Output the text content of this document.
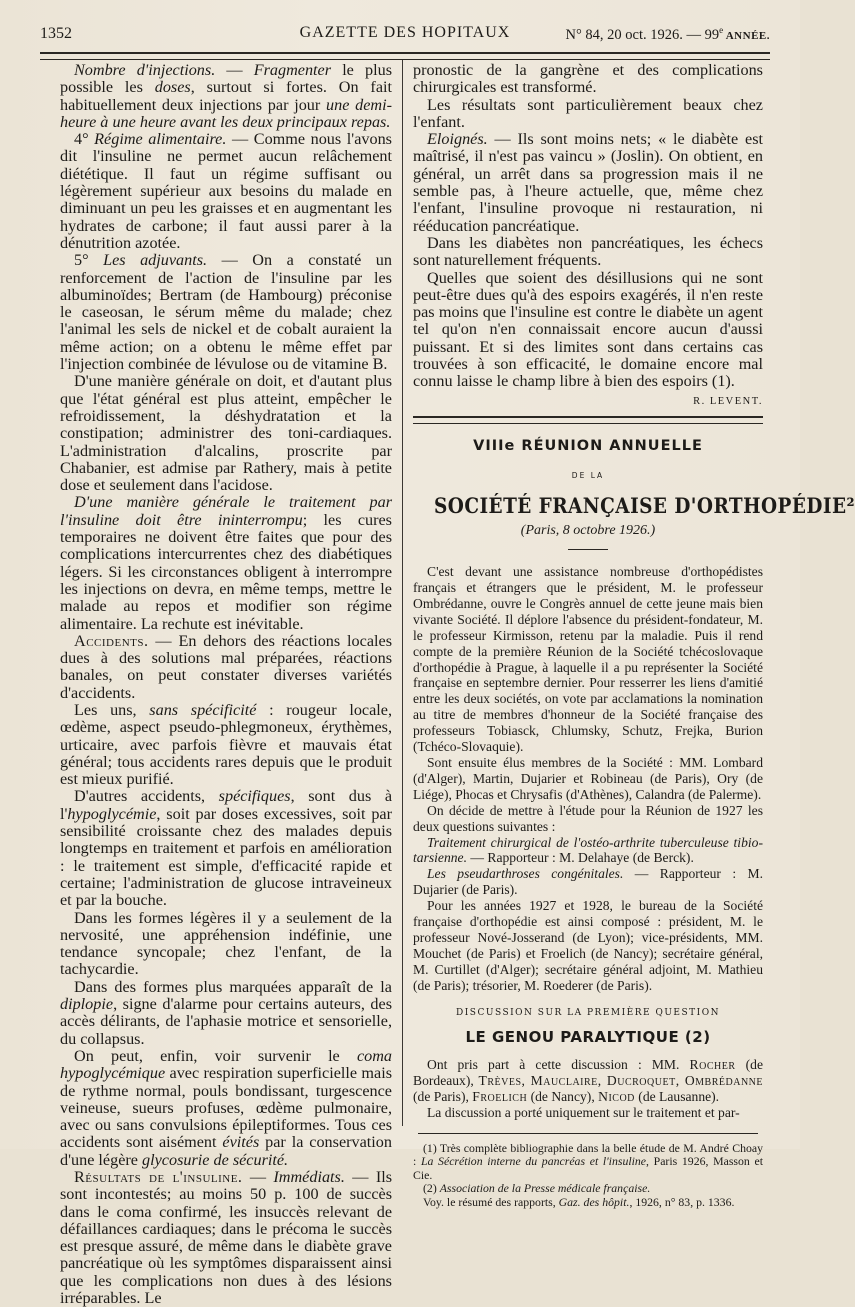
1352	GAZETTE DES HOPITAUX	N° 84, 20 oct. 1926. — 99e ANNÉE.

Nombre d'injections. — Fragmenter le plus possible les doses, surtout si fortes. On fait habituellement deux injections par jour une demi-heure à une heure avant les deux principaux repas.

4° Régime alimentaire. — Comme nous l'avons dit l'insuline ne permet aucun relâchement diététique. Il faut un régime suffisant ou légèrement supérieur aux besoins du malade en diminuant un peu les graisses et en augmentant les hydrates de carbone; il faut aussi parer à la dénutrition azotée.

5° Les adjuvants. — On a constaté un renforcement de l'action de l'insuline par les albuminoïdes; Bertram (de Hambourg) préconise le caseosan, le sérum même du malade; chez l'animal les sels de nickel et de cobalt auraient la même action; on a obtenu le même effet par l'injection combinée de lévulose ou de vitamine B.

D'une manière générale on doit, et d'autant plus que l'état général est plus atteint, empêcher le refroidissement, la déshydratation et la constipation; administrer des toni-cardiaques. L'administration d'alcalins, proscrite par Chabanier, est admise par Rathery, mais à petite dose et seulement dans l'acidose.

D'une manière générale le traitement par l'insuline doit être ininterrompu; les cures temporaires ne doivent être faites que pour des complications intercurrentes chez des diabétiques légers. Si les circonstances obligent à interrompre les injections on devra, en même temps, mettre le malade au repos et modifier son régime alimentaire. La rechute est inévitable.

Accidents. — En dehors des réactions locales dues à des solutions mal préparées, réactions banales, on peut constater diverses variétés d'accidents.

Les uns, sans spécificité : rougeur locale, œdème, aspect pseudo-phlegmoneux, érythèmes, urticaire, avec parfois fièvre et mauvais état général; tous accidents rares depuis que le produit est mieux purifié.

D'autres accidents, spécifiques, sont dus à l'hypoglycémie, soit par doses excessives, soit par sensibilité croissante chez des malades depuis longtemps en traitement et parfois en amélioration : le traitement est simple, d'efficacité rapide et certaine; l'administration de glucose intraveineux et par la bouche.

Dans les formes légères il y a seulement de la nervosité, une appréhension indéfinie, une tendance syncopale; chez l'enfant, de la tachycardie.

Dans des formes plus marquées apparaît de la diplopie, signe d'alarme pour certains auteurs, des accès délirants, de l'aphasie motrice et sensorielle, du collapsus.

On peut, enfin, voir survenir le coma hypoglycémique avec respiration superficielle mais de rythme normal, pouls bondissant, turgescence veineuse, sueurs profuses, œdème pulmonaire, avec ou sans convulsions épileptiformes. Tous ces accidents sont aisément évités par la conservation d'une légère glycosurie de sécurité.

Résultats de l'insuline. — Immédiats. — Ils sont incontestés; au moins 50 p. 100 de succès dans le coma confirmé, les insuccès relevant de défaillances cardiaques; dans le précoma le succès est presque assuré, de même dans le diabète grave pancréatique où les symptômes disparaissent ainsi que les complications non dues à des lésions irréparables. Le

pronostic de la gangrène et des complications chirurgicales est transformé.

Les résultats sont particulièrement beaux chez l'enfant.

Eloignés. — Ils sont moins nets; « le diabète est maîtrisé, il n'est pas vaincu » (Joslin). On obtient, en général, un arrêt dans sa progression mais il ne semble pas, à l'heure actuelle, que, même chez l'enfant, l'insuline provoque ni restauration, ni rééducation pancréatique.

Dans les diabètes non pancréatiques, les échecs sont naturellement fréquents.

Quelles que soient des désillusions qui ne sont peut-être dues qu'à des espoirs exagérés, il n'en reste pas moins que l'insuline est contre le diabète un agent tel qu'on n'en connaissait encore aucun d'aussi puissant. Et si des limites sont dans certains cas trouvées à son efficacité, le domaine encore mal connu laisse le champ libre à bien des espoirs (1).

R. LEVENT.
VIIIe RÉUNION ANNUELLE
DE LA
SOCIÉTÉ FRANÇAISE D'ORTHOPÉDIE²
(Paris, 8 octobre 1926.)

C'est devant une assistance nombreuse d'orthopédistes français et étrangers que le président, M. le professeur Ombrédanne, ouvre le Congrès annuel de cette jeune mais bien vivante Société. Il déplore l'absence du président-fondateur, M. le professeur Kirmisson, retenu par la maladie. Puis il rend compte de la première Réunion de la Société tchécoslovaque d'orthopédie à Prague, à laquelle il a pu représenter la Société française en septembre dernier. Pour resserrer les liens d'amitié entre les deux sociétés, on vote par acclamations la nomination au titre de membres d'honneur de la Société française des professeurs Tobiasck, Chlumsky, Schutz, Frejka, Burion (Tchéco-Slovaquie).

Sont ensuite élus membres de la Société : MM. Lombard (d'Alger), Martin, Dujarier et Robineau (de Paris), Ory (de Liége), Phocas et Chrysafis (d'Athènes), Calandra (de Palerme).

On décide de mettre à l'étude pour la Réunion de 1927 les deux questions suivantes :

Traitement chirurgical de l'ostéo-arthrite tuberculeuse tibio-tarsienne. — Rapporteur : M. Delahaye (de Berck).

Les pseudarthroses congénitales. — Rapporteur : M. Dujarier (de Paris).

Pour les années 1927 et 1928, le bureau de la Société française d'orthopédie est ainsi composé : président, M. le professeur Nové-Josserand (de Lyon); vice-présidents, MM. Mouchet (de Paris) et Froelich (de Nancy); secrétaire général, M. Curtillet (d'Alger); secrétaire général adjoint, M. Mathieu (de Paris); trésorier, M. Roederer (de Paris).

DISCUSSION SUR LA PREMIÈRE QUESTION
LE GENOU PARALYTIQUE (2)

Ont pris part à cette discussion : MM. Rocher (de Bordeaux), Trèves, Mauclaire, Ducroquet, Ombrédanne (de Paris), Froelich (de Nancy), Nicod (de Lausanne).

La discussion a porté uniquement sur le traitement et par-

(1) Très complète bibliographie dans la belle étude de M. André Choay : La Sécrétion interne du pancréas et l'insuline, Paris 1926, Masson et Cie.

(2) Association de la Presse médicale française.

Voy. le résumé des rapports, Gaz. des hôpit., 1926, n° 83, p. 1336.
